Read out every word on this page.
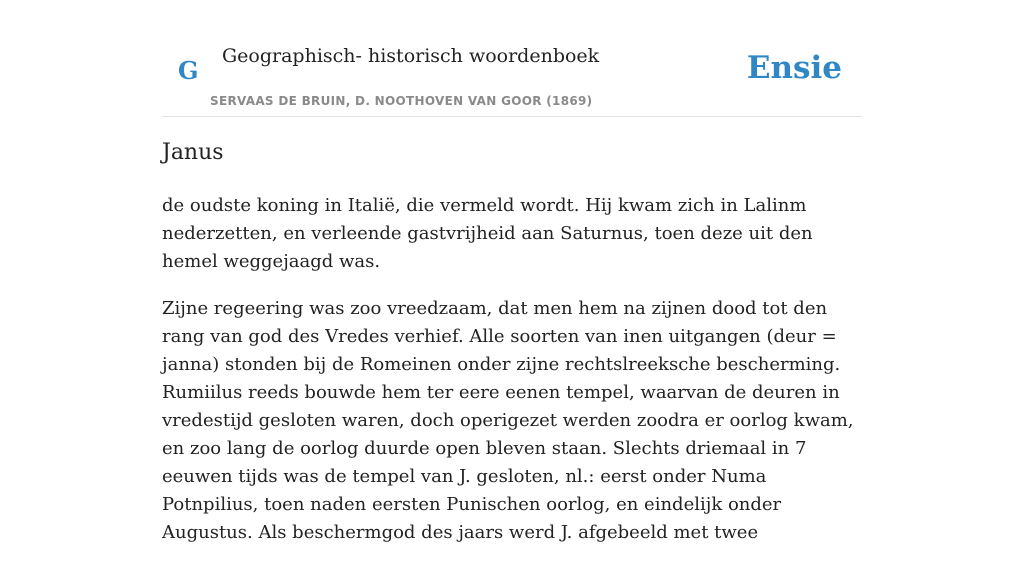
G Geographisch- historisch woordenboek
SERVAAS DE BRUIN, D. NOOTHOVEN VAN GOOR (1869)
Ensie
Janus

de oudste koning in Italië, die vermeld wordt. Hij kwam zich in Lalinm nederzetten, en verleende gastvrijheid aan Saturnus, toen deze uit den hemel weggejaagd was.

Zijne regeering was zoo vreedzaam, dat men hem na zijnen dood tot den rang van god des Vredes verhief. Alle soorten van inen uitgangen (deur = janna) stonden bij de Romeinen onder zijne rechtslreeksche bescherming. Rumiilus reeds bouwde hem ter eere eenen tempel, waarvan de deuren in vredestijd gesloten waren, doch operigezet werden zoodra er oorlog kwam, en zoo lang de oorlog duurde open bleven staan. Slechts driemaal in 7 eeuwen tijds was de tempel van J. gesloten, nl.: eerst onder Numa Potnpilius, toen naden eersten Punischen oorlog, en eindelijk onder Augustus. Als beschermgod des jaars werd J. afgebeeld met twee
